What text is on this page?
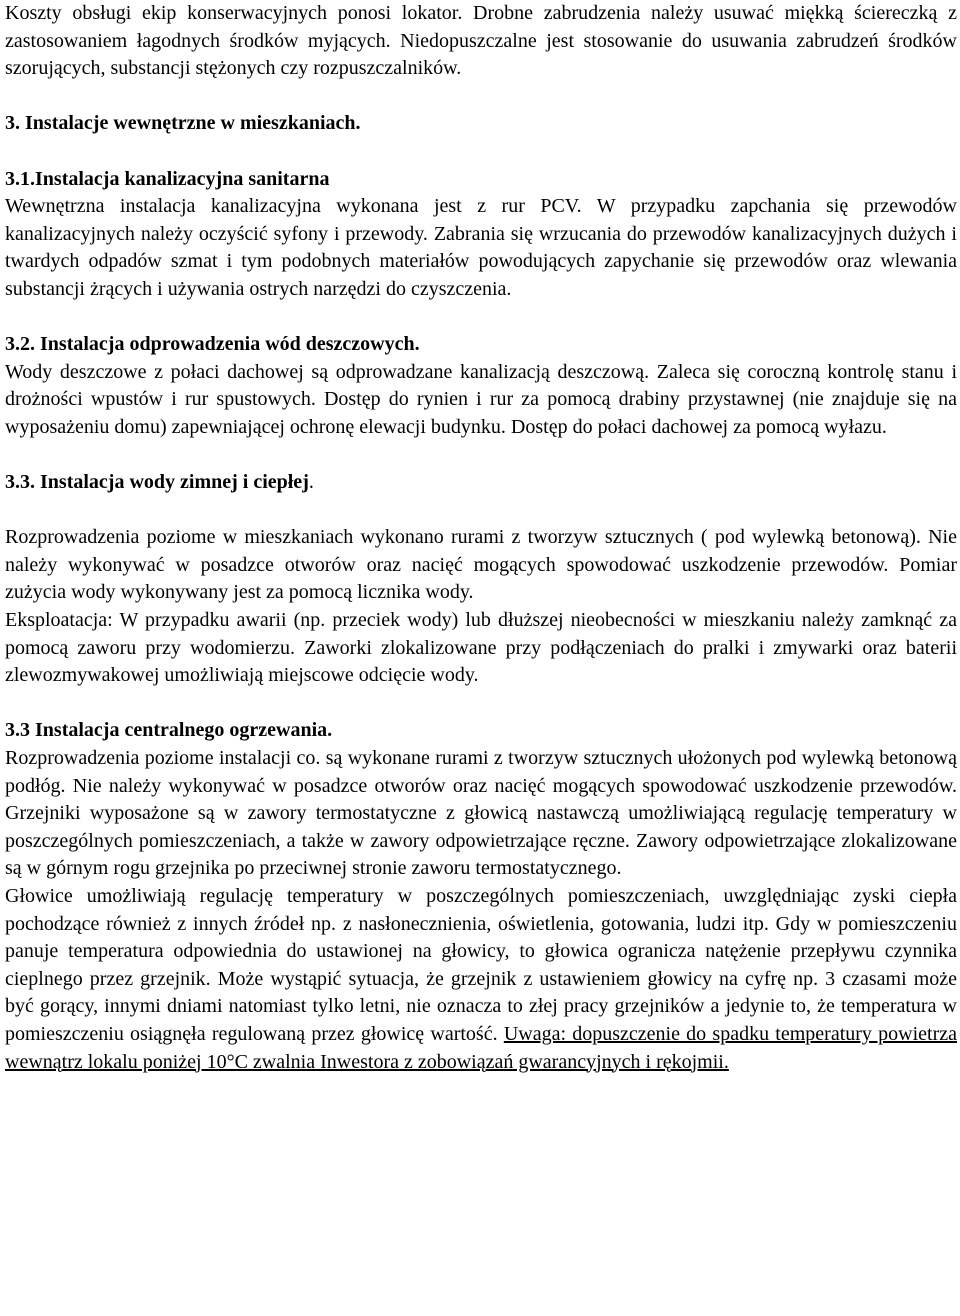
Koszty obsługi ekip konserwacyjnych ponosi lokator. Drobne zabrudzenia należy usuwać miękką ściereczką z zastosowaniem łagodnych środków myjących. Niedopuszczalne jest stosowanie do usuwania zabrudzeń środków szorujących, substancji stężonych czy rozpuszczalników.

3. Instalacje wewnętrzne w mieszkaniach.

3.1.Instalacja kanalizacyjna sanitarna

Wewnętrzna instalacja kanalizacyjna wykonana jest z rur PCV. W przypadku zapchania się przewodów kanalizacyjnych należy oczyścić syfony i przewody. Zabrania się wrzucania do przewodów kanalizacyjnych dużych i twardych odpadów szmat i tym podobnych materiałów powodujących zapychanie się przewodów oraz wlewania substancji żrących i używania ostrych narzędzi do czyszczenia.

3.2. Instalacja odprowadzenia wód deszczowych.

Wody deszczowe z połaci dachowej są odprowadzane kanalizacją deszczową. Zaleca się coroczną kontrolę stanu i drożności wpustów i rur spustowych. Dostęp do rynien i rur za pomocą drabiny przystawnej (nie znajduje się na wyposażeniu domu) zapewniającej ochronę elewacji budynku. Dostęp do połaci dachowej za pomocą wyłazu.

3.3. Instalacja wody zimnej i ciepłej.

Rozprowadzenia poziome w mieszkaniach wykonano rurami z tworzyw sztucznych ( pod wylewką betonową). Nie należy wykonywać w posadzce otworów oraz nacięć mogących spowodować uszkodzenie przewodów. Pomiar zużycia wody wykonywany jest za pomocą licznika wody.

Eksploatacja: W przypadku awarii (np. przeciek wody) lub dłuższej nieobecności w mieszkaniu należy zamknąć za pomocą zaworu przy wodomierzu. Zaworki zlokalizowane przy podłączeniach do pralki i zmywarki oraz baterii zlewozmywakowej umożliwiają miejscowe odcięcie wody.

3.3 Instalacja centralnego ogrzewania.

Rozprowadzenia poziome instalacji co. są wykonane rurami z tworzyw sztucznych ułożonych pod wylewką betonową podłóg. Nie należy wykonywać w posadzce otworów oraz nacięć mogących spowodować uszkodzenie przewodów. Grzejniki wyposażone są w zawory termostatyczne z głowicą nastawczą umożliwiającą regulację temperatury w poszczególnych pomieszczeniach, a także w zawory odpowietrzające ręczne. Zawory odpowietrzające zlokalizowane są w górnym rogu grzejnika po przeciwnej stronie zaworu termostatycznego.

Głowice umożliwiają regulację temperatury w poszczególnych pomieszczeniach, uwzględniając zyski ciepła pochodzące również z innych źródeł np. z nasłonecznienia, oświetlenia, gotowania, ludzi itp. Gdy w pomieszczeniu panuje temperatura odpowiednia do ustawionej na głowicy, to głowica ogranicza natężenie przepływu czynnika cieplnego przez grzejnik. Może wystąpić sytuacja, że grzejnik z ustawieniem głowicy na cyfrę np. 3 czasami może być gorący, innymi dniami natomiast tylko letni, nie oznacza to złej pracy grzejników a jedynie to, że temperatura w pomieszczeniu osiągnęła regulowaną przez głowicę wartość. Uwaga: dopuszczenie do spadku temperatury powietrza wewnątrz lokalu poniżej 10°C zwalnia Inwestora z zobowiązań gwarancyjnych i rękojmii.
